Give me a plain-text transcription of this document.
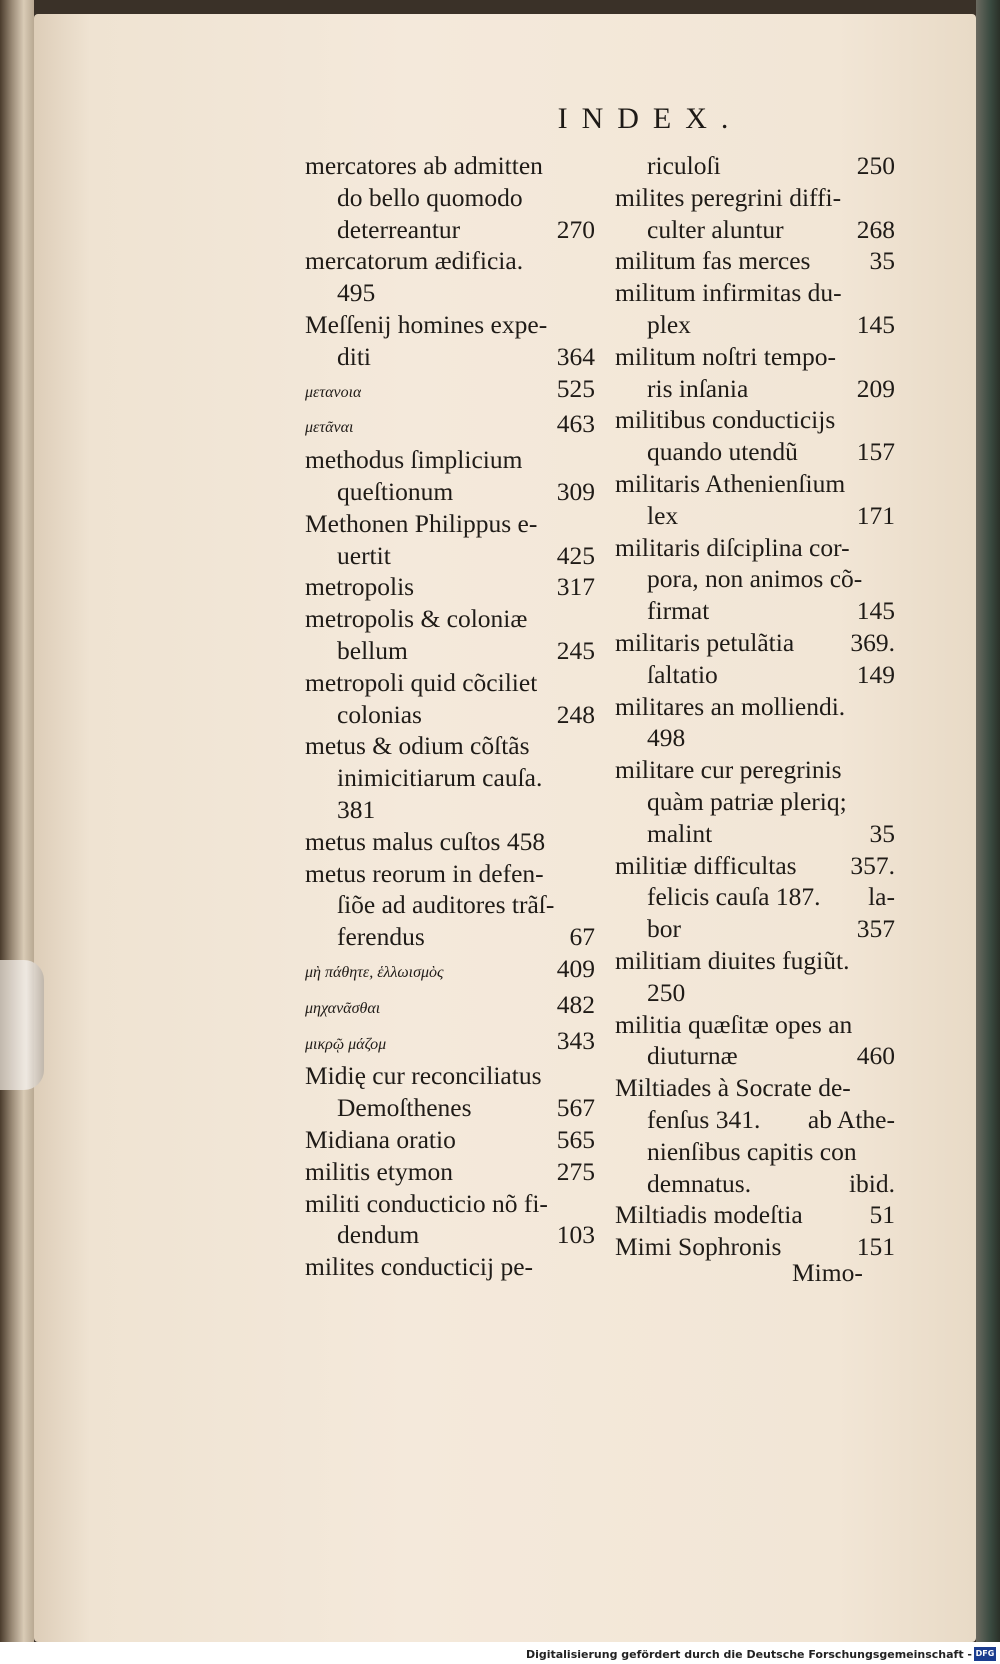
INDEX.
mercatores ab admitten
do bello quomodo
deterreantur	270
mercatorum ædificia.
495
Meſſenij homines expe-
diti	364
μετανοια	525
μετᾶναι	463
methodus ſimplicium
queſtionum	309
Methonen Philippus e-
uertit	425
metropolis	317
metropolis & coloniæ
bellum	245
metropoli quid cõciliet
colonias	248
metus & odium cõſtãs
inimicitiarum cauſa.
381
metus malus cuſtos 458
metus reorum in defen-
ſiõe ad auditores trãſ-
ferendus	67
μὴ πάθητε, ἑλλωισμὸς	409
μηχανᾶσθαι	482
μικρῷ μάζομ	343
Midię cur reconciliatus
Demoſthenes	567
Midiana oratio	565
militis etymon	275
militi conducticio nõ fi-
dendum	103
milites conducticij pe-
riculoſi	250
milites peregrini diffi-
culter aluntur	268
militum fas merces 35
militum infirmitas du-
plex	145
militum noſtri tempo-
ris inſania	209
militibus conducticijs
quando utendũ 157
militaris Athenienſium
lex	171
militaris diſciplina cor-
pora, non animos cõ-
firmat	145
militaris petulãtia 369.
ſaltatio	149
militares an molliendi.
498
militare cur peregrinis
quàm patriæ pleriq;
malint	35
militiæ difficultas 357.
felicis cauſa 187. la-
bor	357
militiam diuites fugiũt.
250
militia quæſitæ opes an
diuturnæ	460
Miltiades à Socrate de-
fenſus 341. ab Athe-
nienſibus capitis con
demnatus.	ibid.
Miltiadis modeſtia	51
Mimi Sophronis	151
Mimo-
Digitalisierung gefördert durch die Deutsche Forschungsgemeinschaft - DFG
